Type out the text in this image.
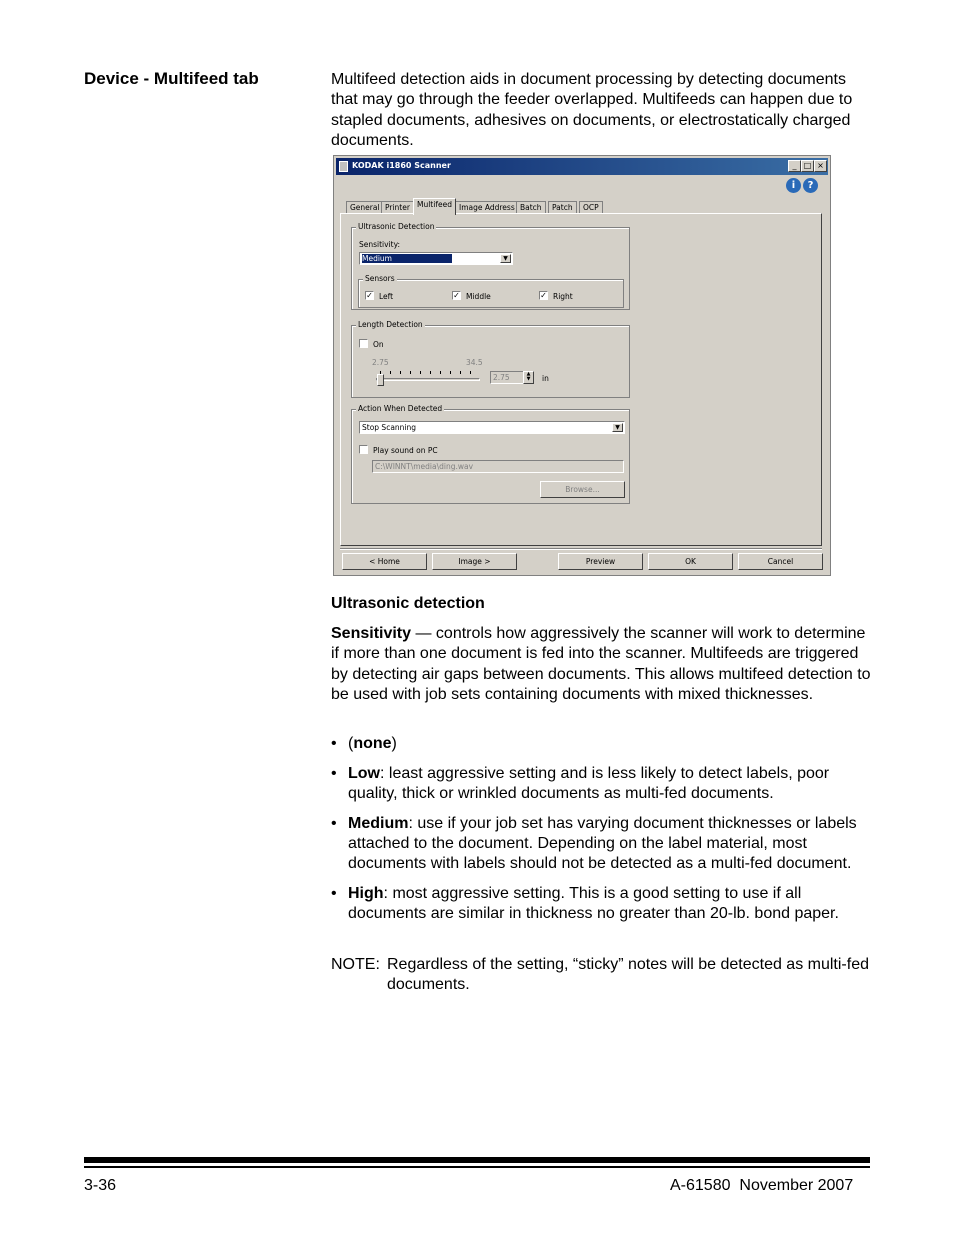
Device - Multifeed tab	Multifeed detection aids in document processing by detecting documents that may go through the feeder overlapped. Multifeeds can happen due to stapled documents, adhesives on documents, or electrostatically charged documents.
KODAK i1860 Scanner	_ □ ×
i ?
General Printer Multifeed Image Address Batch	Patch	OCP
Ultrasonic Detection
Sensitivity:
Medium	▼
Sensors
✓ Left	✓ Middle	✓ Right
Length Detection
On
2.75	34.5
2.75	▲
▼	in
Action When Detected
Stop Scanning	▼
Play sound on PC
C:\WINNT\media\ding.wav
Browse...
< Home	Image >	Preview	OK	Cancel
Ultrasonic detection
Sensitivity — controls how aggressively the scanner will work to determine if more than one document is fed into the scanner. Multifeeds are triggered by detecting air gaps between documents. This allows multifeed detection to be used with job sets containing documents with mixed thicknesses.
• (none)
• Low: least aggressive setting and is less likely to detect labels, poor quality, thick or wrinkled documents as multi-fed documents.
• Medium: use if your job set has varying document thicknesses or labels attached to the document. Depending on the label material, most documents with labels should not be detected as a multi-fed document.
• High: most aggressive setting. This is a good setting to use if all documents are similar in thickness no greater than 20-lb. bond paper.
NOTE: Regardless of the setting, “sticky” notes will be detected as multi-fed documents.
3-36	A-61580  November 2007
